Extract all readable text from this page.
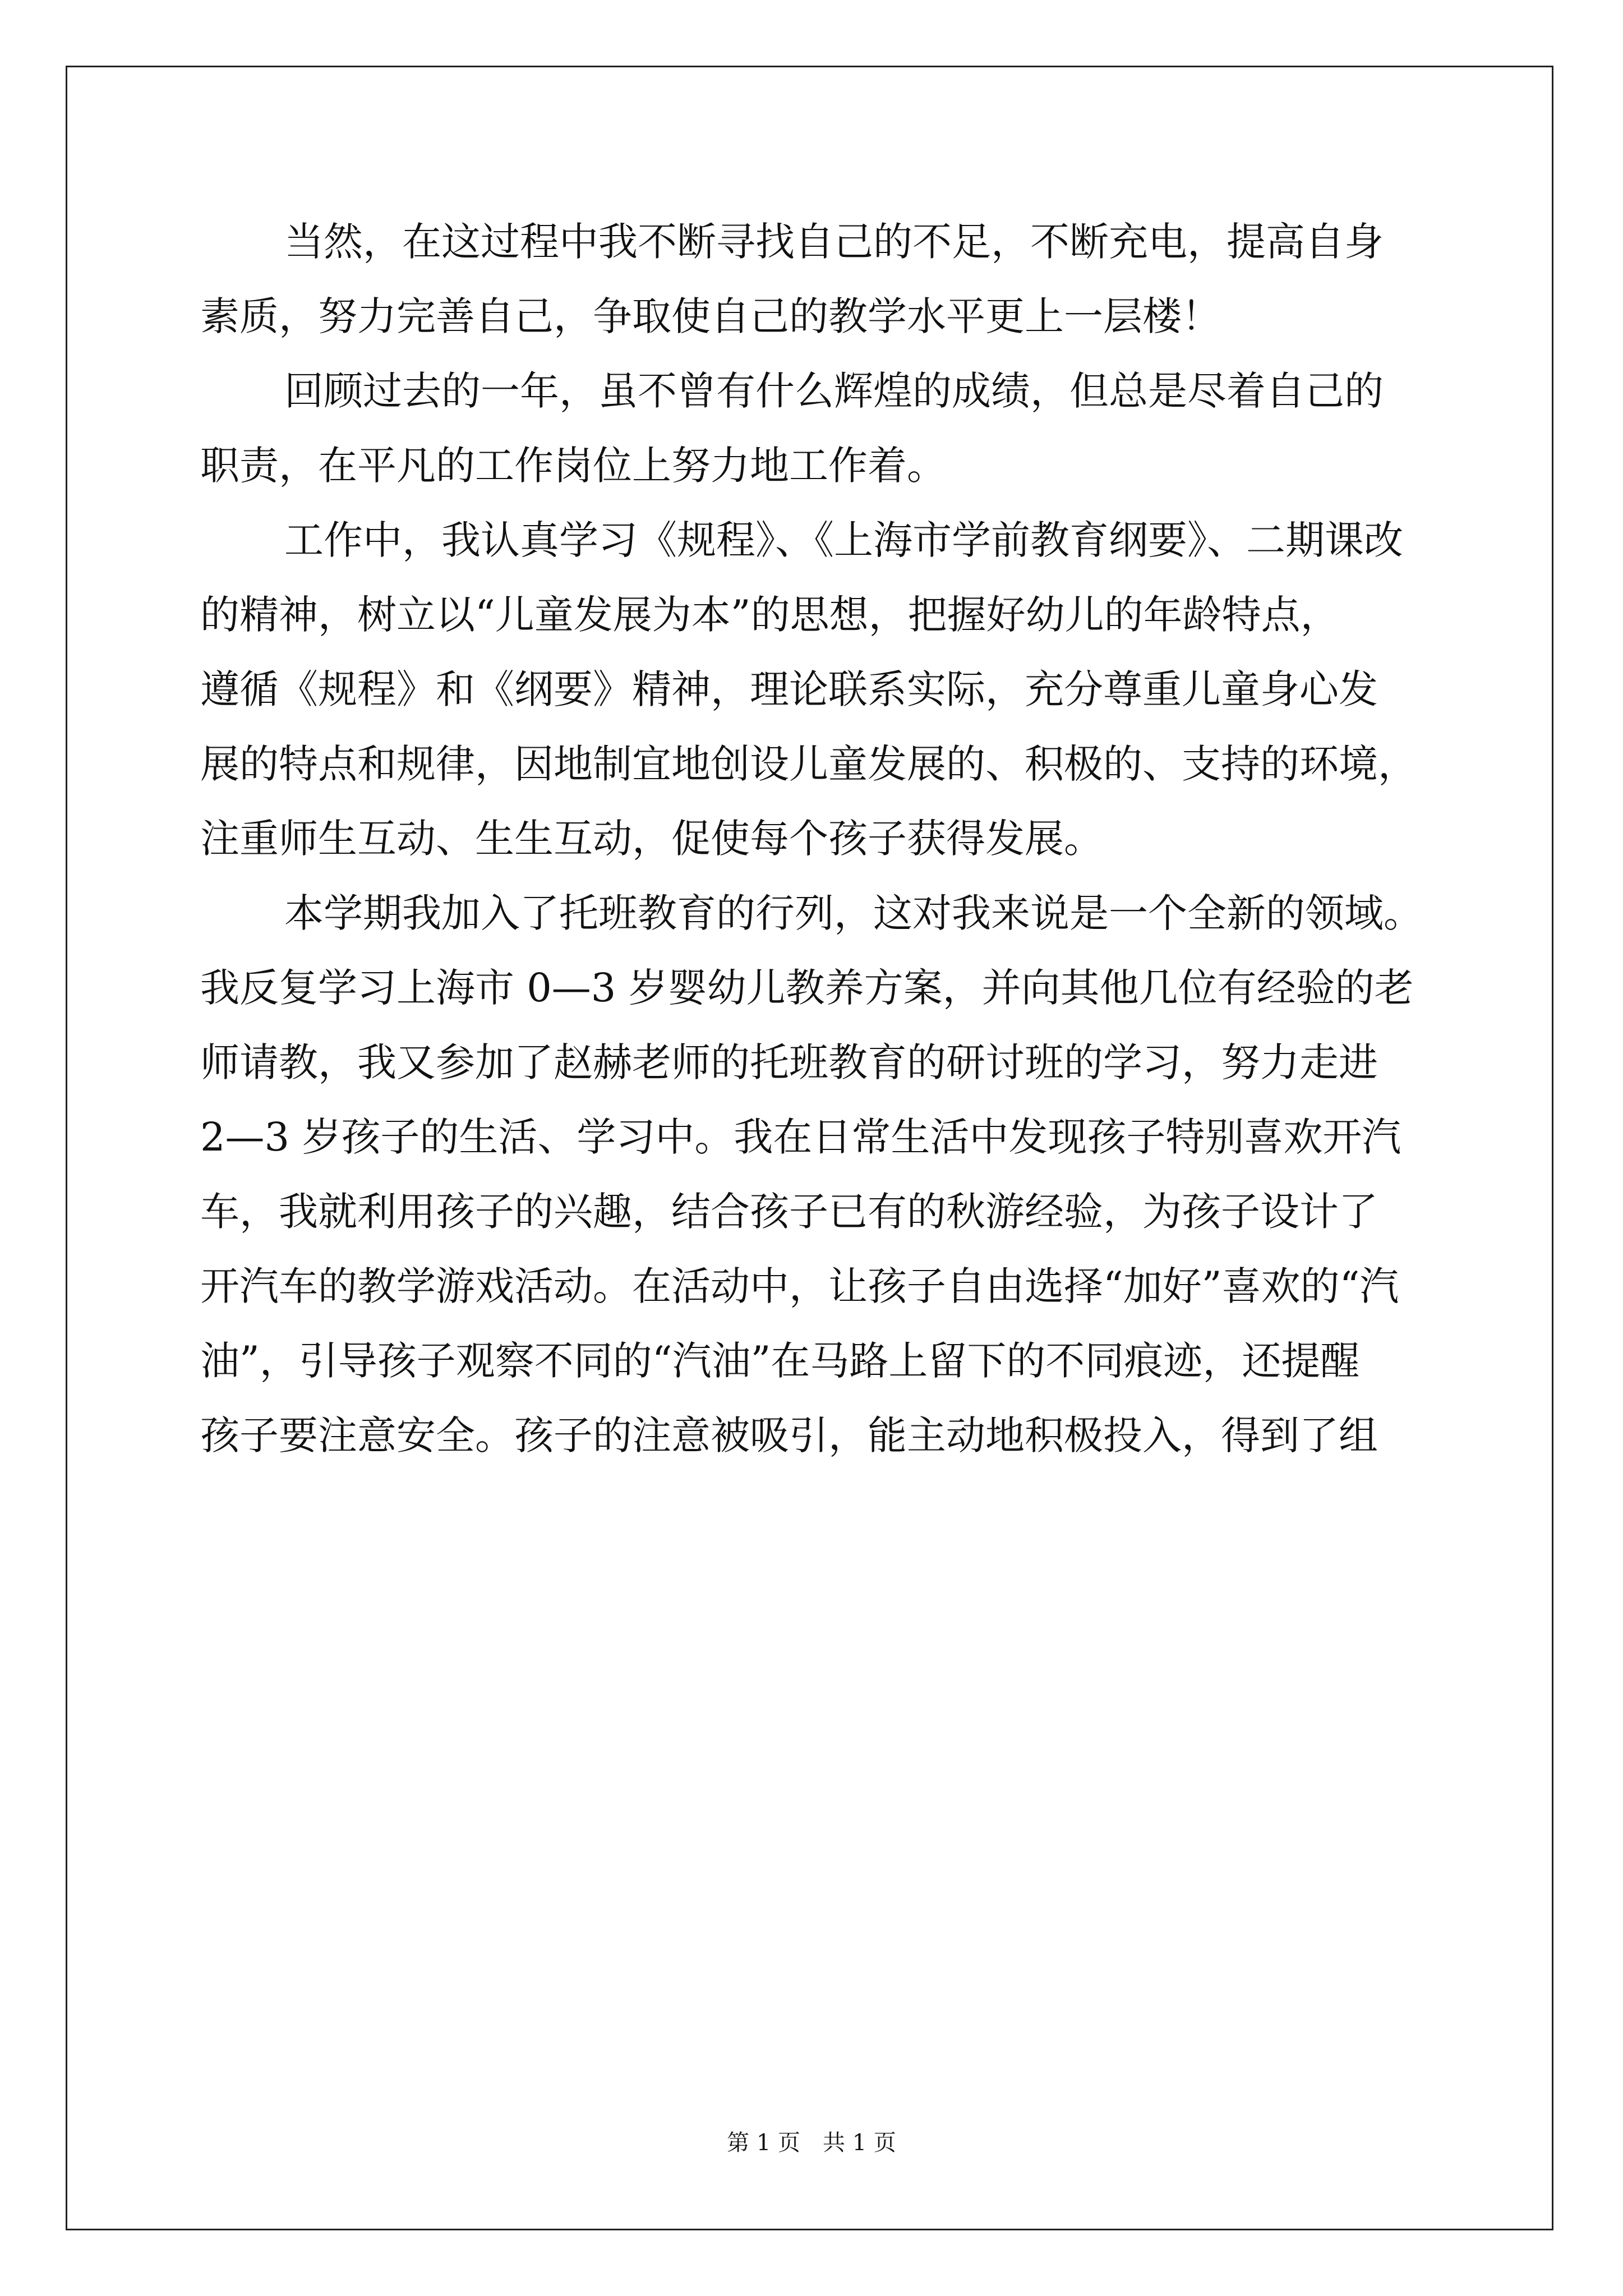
当然，在这过程中我不断寻找自己的不足，不断充电，提高自身
素质，努力完善自己，争取使自己的教学水平更上一层楼！
回顾过去的一年，虽不曾有什么辉煌的成绩，但总是尽着自己的
职责，在平凡的工作岗位上努力地工作着。
工作中，我认真学习《规程》、《上海市学前教育纲要》、二期课改
的精神，树立以“儿童发展为本”的思想，把握好幼儿的年龄特点，
遵循《规程》和《纲要》精神，理论联系实际，充分尊重儿童身心发
展的特点和规律，因地制宜地创设儿童发展的、积极的、支持的环境，
注重师生互动、生生互动，促使每个孩子获得发展。
本学期我加入了托班教育的行列，这对我来说是一个全新的领域。
我反复学习上海市 0—3 岁婴幼儿教养方案，并向其他几位有经验的老
师请教，我又参加了赵赫老师的托班教育的研讨班的学习，努力走进
2—3 岁孩子的生活、学习中。我在日常生活中发现孩子特别喜欢开汽
车，我就利用孩子的兴趣，结合孩子已有的秋游经验，为孩子设计了
开汽车的教学游戏活动。在活动中，让孩子自由选择“加好”喜欢的“汽
油”，引导孩子观察不同的“汽油”在马路上留下的不同痕迹，还提醒
孩子要注意安全。孩子的注意被吸引，能主动地积极投入，得到了组
第 1 页　共 1 页
